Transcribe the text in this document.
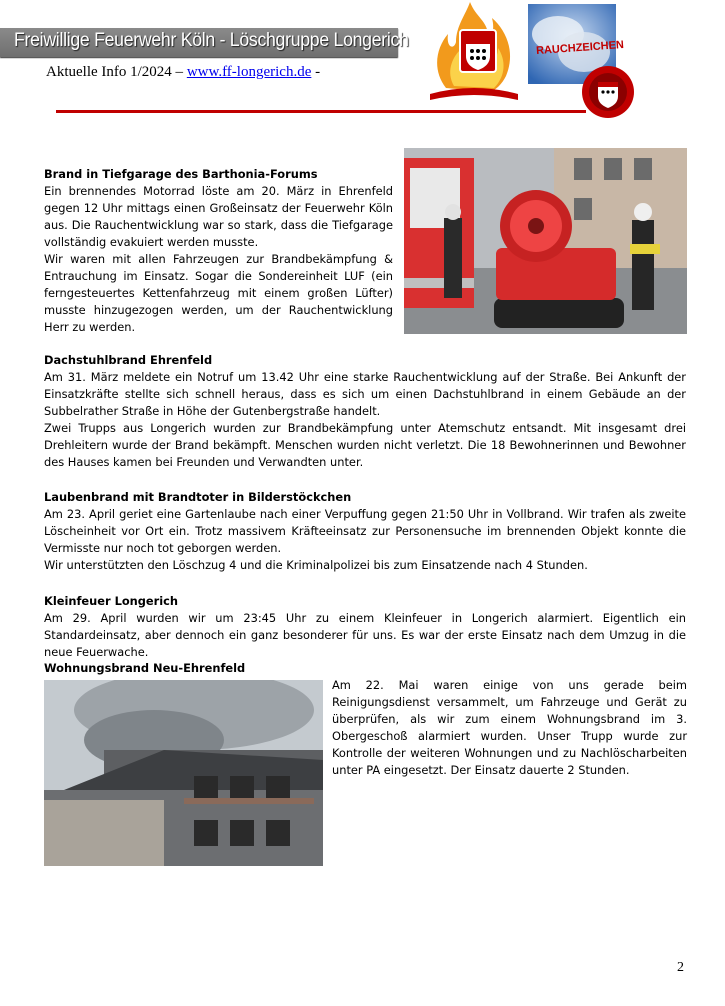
Freiwillige Feuerwehr Köln - Löschgruppe Longerich
Aktuelle Info 1/2024 – www.ff-longerich.de -
RAUCHZEICHEN
Brand in Tiefgarage des Barthonia-Forums

Ein brennendes Motorrad löste am 20. März in Ehrenfeld gegen 12 Uhr mittags einen Großeinsatz der Feuerwehr Köln aus. Die Rauchentwicklung war so stark, dass die Tiefgarage vollständig evakuiert werden musste.

Wir waren mit allen Fahrzeugen zur Brandbekämpfung & Entrauchung im Einsatz. Sogar die Sondereinheit LUF (ein ferngesteuertes Kettenfahrzeug mit einem großen Lüfter) musste hinzugezogen werden, um der Rauchentwicklung Herr zu werden.

Dachstuhlbrand Ehrenfeld

Am 31. März meldete ein Notruf um 13.42 Uhr eine starke Rauchentwicklung auf der Straße. Bei Ankunft der Einsatzkräfte stellte sich schnell heraus, dass es sich um einen Dachstuhlbrand in einem Gebäude an der Subbelrather Straße in Höhe der Gutenbergstraße handelt.

Zwei Trupps aus Longerich wurden zur Brandbekämpfung unter Atemschutz entsandt. Mit insgesamt drei Drehleitern wurde der Brand bekämpft. Menschen wurden nicht verletzt. Die 18 Bewohnerinnen und Bewohner des Hauses kamen bei Freunden und Verwandten unter.

Laubenbrand mit Brandtoter in Bilderstöckchen

Am 23. April geriet eine Gartenlaube nach einer Verpuffung gegen 21:50 Uhr in Vollbrand. Wir trafen als zweite Löscheinheit vor Ort ein. Trotz massivem Kräfteeinsatz zur Personensuche im brennenden Objekt konnte die Vermisste nur noch tot geborgen werden.

Wir unterstützten den Löschzug 4 und die Kriminalpolizei bis zum Einsatzende nach 4 Stunden.

Kleinfeuer Longerich

Am 29. April wurden wir um 23:45 Uhr zu einem Kleinfeuer in Longerich alarmiert. Eigentlich ein Standardeinsatz, aber dennoch ein ganz besonderer für uns. Es war der erste Einsatz nach dem Umzug in die neue Feuerwache.

Wohnungsbrand Neu-Ehrenfeld

Am 22. Mai waren einige von uns gerade beim Reinigungsdienst versammelt, um Fahrzeuge und Gerät zu überprüfen, als wir zum einem Wohnungsbrand im 3. Obergeschoß alarmiert wurden. Unser Trupp wurde zur Kontrolle der weiteren Wohnungen und zu Nachlöscharbeiten unter PA eingesetzt. Der Einsatz dauerte 2 Stunden.

2
